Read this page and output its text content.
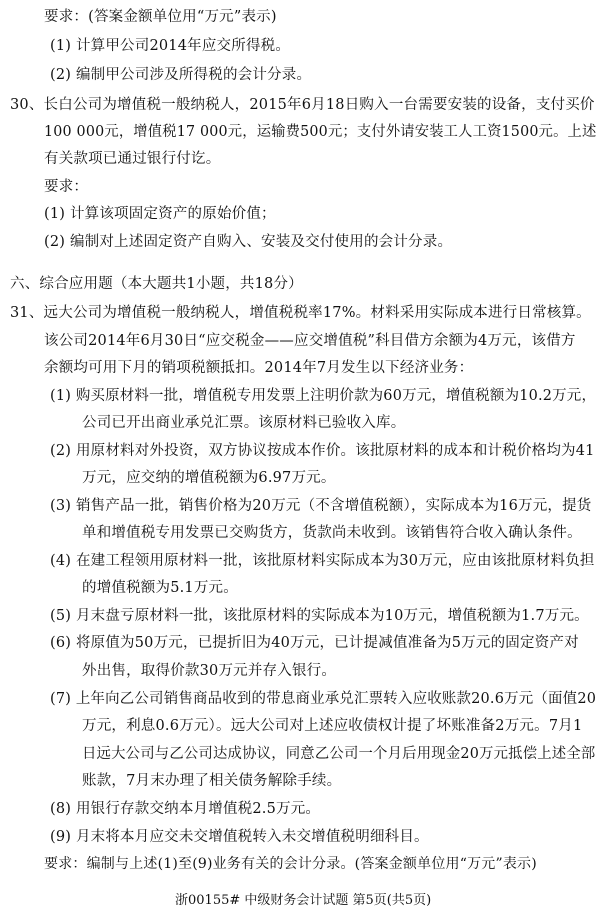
要求：(答案金额单位用“万元”表示)
(1) 计算甲公司2014年应交所得税。
(2) 编制甲公司涉及所得税的会计分录。
30、长白公司为增值税一般纳税人，2015年6月18日购入一台需要安装的设备，支付买价
100 000元，增值税17 000元，运输费500元；支付外请安装工人工资1500元。上述
有关款项已通过银行付讫。
要求：
(1) 计算该项固定资产的原始价值；
(2) 编制对上述固定资产自购入、安装及交付使用的会计分录。
六、综合应用题（本大题共1小题，共18分）
31、远大公司为增值税一般纳税人，增值税税率17%。材料采用实际成本进行日常核算。
该公司2014年6月30日“应交税金——应交增值税”科目借方余额为4万元，该借方
余额均可用下月的销项税额抵扣。2014年7月发生以下经济业务：
(1) 购买原材料一批，增值税专用发票上注明价款为60万元，增值税额为10.2万元，
公司已开出商业承兑汇票。该原材料已验收入库。
(2) 用原材料对外投资，双方协议按成本作价。该批原材料的成本和计税价格均为41
万元，应交纳的增值税额为6.97万元。
(3) 销售产品一批，销售价格为20万元（不含增值税额），实际成本为16万元，提货
单和增值税专用发票已交购货方，货款尚未收到。该销售符合收入确认条件。
(4) 在建工程领用原材料一批，该批原材料实际成本为30万元，应由该批原材料负担
的增值税额为5.1万元。
(5) 月末盘亏原材料一批，该批原材料的实际成本为10万元，增值税额为1.7万元。
(6) 将原值为50万元，已提折旧为40万元，已计提减值准备为5万元的固定资产对
外出售，取得价款30万元并存入银行。
(7) 上年向乙公司销售商品收到的带息商业承兑汇票转入应收账款20.6万元（面值20
万元，利息0.6万元）。远大公司对上述应收债权计提了坏账准备2万元。7月1
日远大公司与乙公司达成协议，同意乙公司一个月后用现金20万元抵偿上述全部
账款，7月末办理了相关债务解除手续。
(8) 用银行存款交纳本月增值税2.5万元。
(9) 月末将本月应交未交增值税转入未交增值税明细科目。
要求：编制与上述(1)至(9)业务有关的会计分录。(答案金额单位用“万元”表示)
浙00155# 中级财务会计试题 第5页(共5页)
